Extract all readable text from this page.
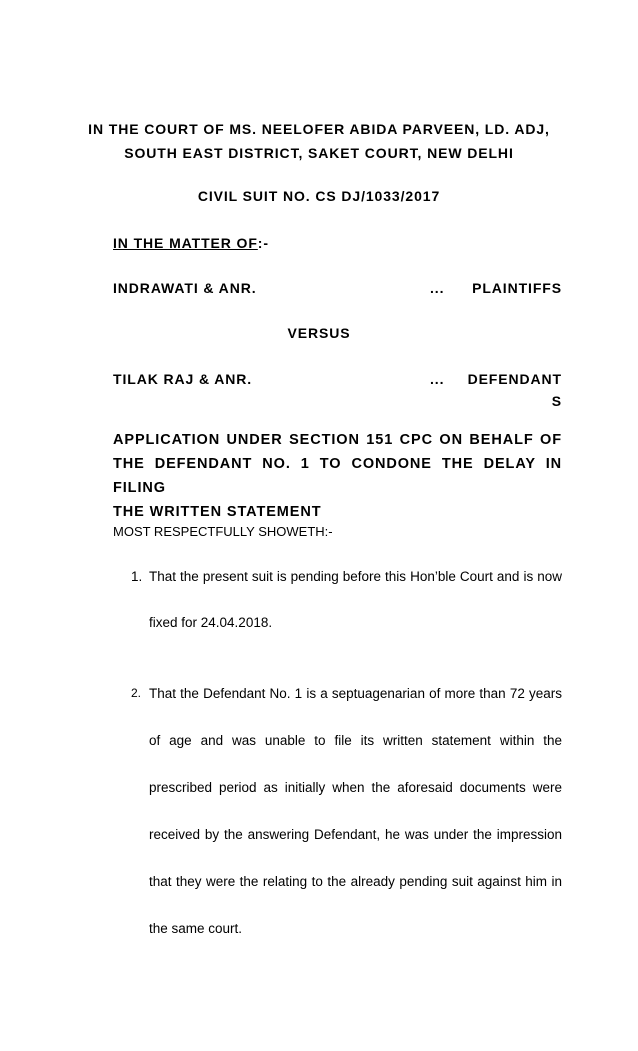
IN THE COURT OF MS. NEELOFER ABIDA PARVEEN, LD. ADJ,
SOUTH EAST DISTRICT, SAKET COURT, NEW DELHI
CIVIL SUIT NO. CS DJ/1033/2017
IN THE MATTER OF:-
INDRAWATI & ANR.	... PLAINTIFFS
VERSUS
TILAK RAJ & ANR.	... DEFENDANT
S
APPLICATION UNDER SECTION 151 CPC ON BEHALF OF
THE DEFENDANT NO. 1 TO CONDONE THE DELAY IN FILING
THE WRITTEN STATEMENT
MOST RESPECTFULLY SHOWETH:-
1. That the present suit is pending before this Hon’ble Court and is now
fixed for 24.04.2018.
2. That the Defendant No. 1 is a septuagenarian of more than 72 years
of age and was unable to file its written statement within the
prescribed period as initially when the aforesaid documents were
received by the answering Defendant, he was under the impression
that they were the relating to the already pending suit against him in
the same court.
